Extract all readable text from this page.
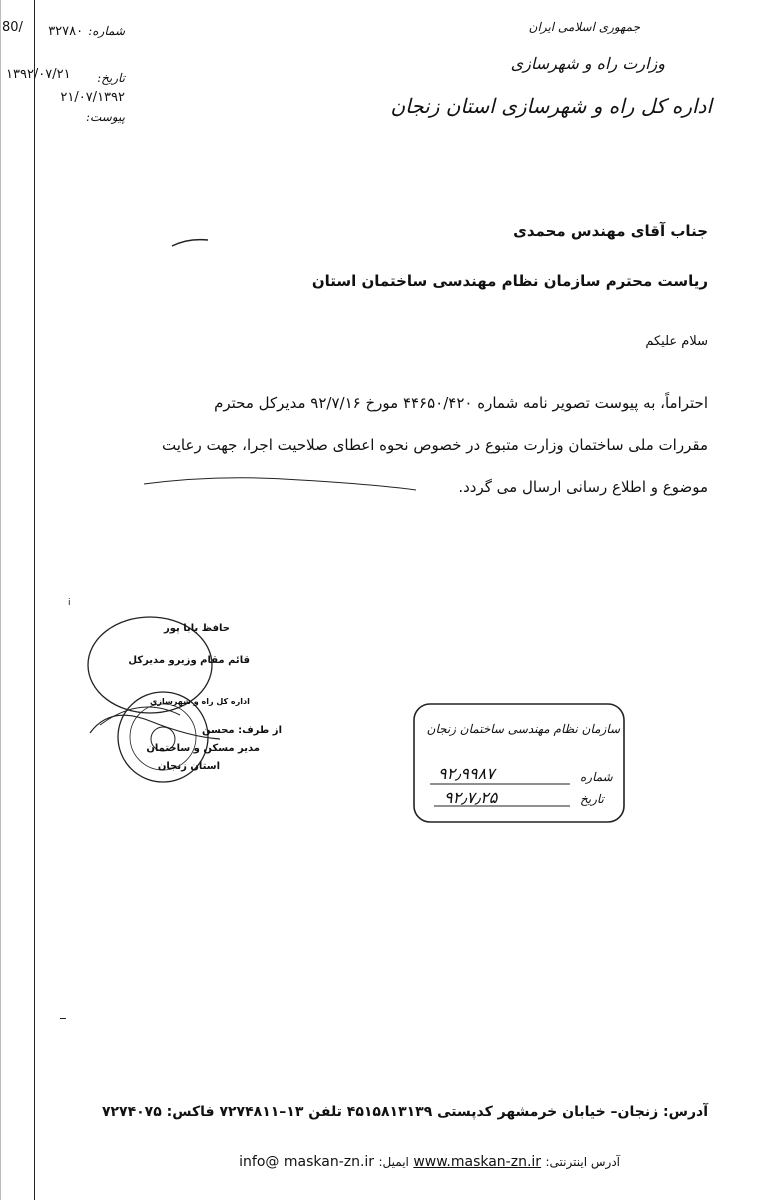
80/
۱۳۹۲/۰۷/۲۱
شماره: ۳۲۷۸۰
تاریخ: ۲۱/۰۷/۱۳۹۲
پیوست:
جمهوری اسلامی ایران
وزارت راه و شهرسازی
اداره کل راه و شهرسازی استان زنجان
جناب آقای مهندس محمدی
ریاست محترم سازمان نظام مهندسی ساختمان استان
سلام علیکم
احتراماً، به پیوست تصویر نامه شماره ۴۴۶۵۰/۴۲۰ مورخ ۹۲/۷/۱۶ مدیرکل محترم
مقررات ملی ساختمان وزارت متبوع در خصوص نحوه اعطای صلاحیت اجرا، جهت رعایت
موضوع و اطلاع رسانی ارسال می گردد.
i
حافظ بابا پور
قائم مقام وزیرو مدیرکل
اداره کل راه و شهرسازی
از طرف: محسن
مدیر مسکن و ساختمان
استان زنجان
سازمان نظام مهندسی ساختمان زنجان
شماره
۹۲٫۹۹۸۷
تاریخ
۹۲٫۷٫۲۵
آدرس: زنجان– خیابان خرمشهر کدپستی ۴۵۱۵۸۱۳۱۳۹ تلفن ۱۳–۷۲۷۴۸۱۱ فاکس: ۷۲۷۴۰۷۵
آدرس اینترنتی: www.maskan-zn.ir ایمیل: info@ maskan-zn.ir
